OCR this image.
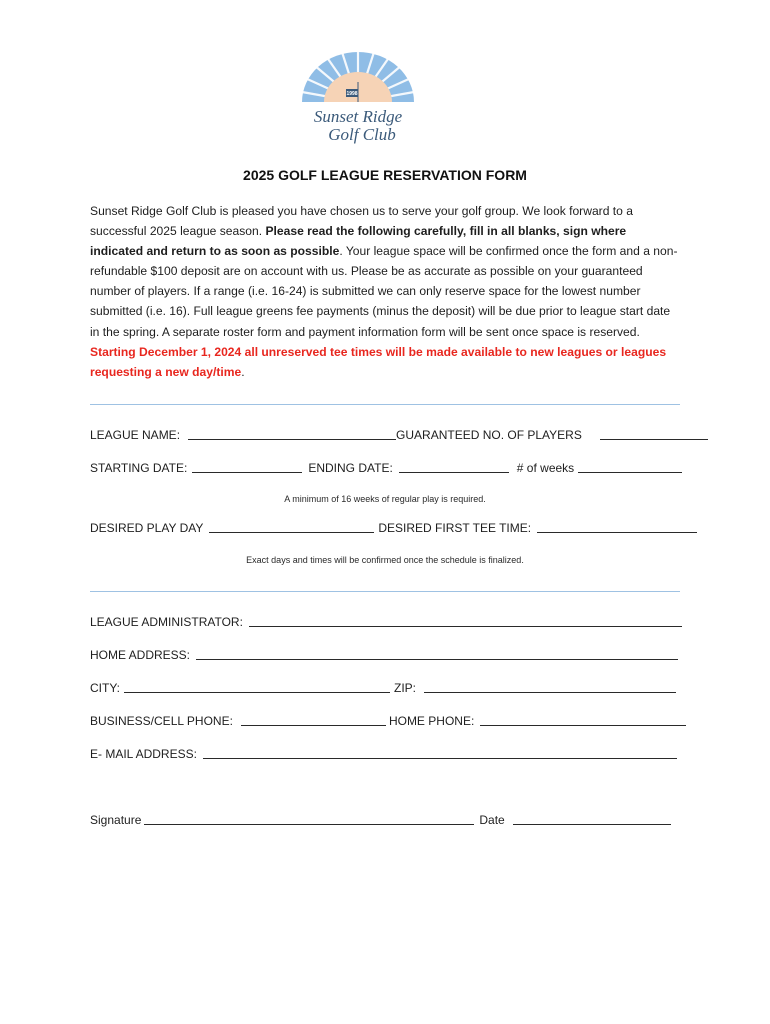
1998
Sunset Ridge
Golf Club
2025 GOLF LEAGUE RESERVATION FORM
Sunset Ridge Golf Club is pleased you have chosen us to serve your golf group. We look forward to a successful 2025 league season. Please read the following carefully, fill in all blanks, sign where indicated and return to as soon as possible. Your league space will be confirmed once the form and a non-refundable $100 deposit are on account with us. Please be as accurate as possible on your guaranteed number of players. If a range (i.e. 16-24) is submitted we can only reserve space for the lowest number submitted (i.e. 16). Full league greens fee payments (minus the deposit) will be due prior to league start date in the spring. A separate roster form and payment information form will be sent once space is reserved. Starting December 1, 2024 all unreserved tee times will be made available to new leagues or leagues requesting a new day/time.
LEAGUE NAME:	GUARANTEED NO. OF PLAYERS
STARTING DATE:	ENDING DATE:	# of weeks
A minimum of 16 weeks of regular play is required.
DESIRED PLAY DAY	DESIRED FIRST TEE TIME:
Exact days and times will be confirmed once the schedule is finalized.
LEAGUE ADMINISTRATOR:
HOME ADDRESS:
CITY:	ZIP:
BUSINESS/CELL PHONE:	HOME PHONE:
E- MAIL ADDRESS:
Signature	Date
